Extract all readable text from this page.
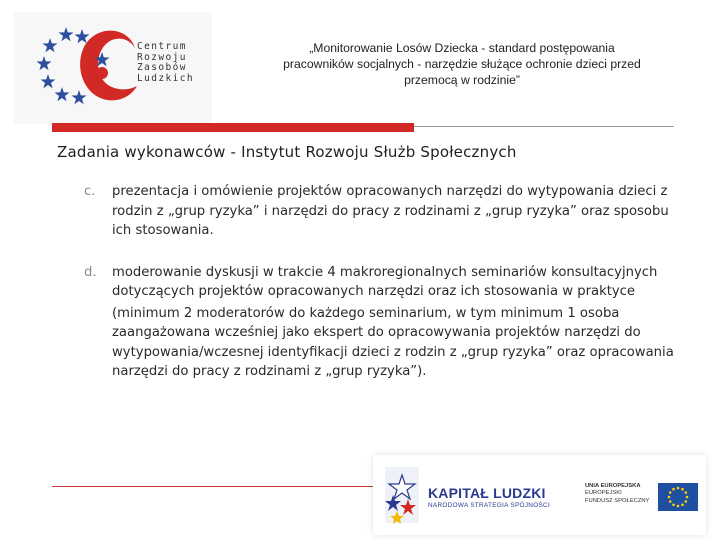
Centrum
Rozwoju
Zasobów
Ludzkich
„Monitorowanie Losów Dziecka - standard postępowania
pracowników socjalnych - narzędzie służące ochronie dzieci przed
przemocą w rodzinie”
Zadania wykonawców - Instytut Rozwoju Służb Społecznych
c. prezentacja i omówienie projektów opracowanych narzędzi do wytypowania dzieci z rodzin z „grup ryzyka” i narzędzi do pracy z rodzinami z „grup ryzyka” oraz sposobu ich stosowania.
d. moderowanie dyskusji w trakcie 4 makroregionalnych seminariów konsultacyjnych dotyczących projektów opracowanych narzędzi oraz ich stosowania w praktyce
(minimum 2 moderatorów do każdego seminarium, w tym minimum 1 osoba zaangażowana wcześniej jako ekspert do opracowywania projektów narzędzi do wytypowania/wczesnej identyfikacji dzieci z rodzin z „grup ryzyka” oraz opracowania narzędzi do pracy z rodzinami z „grup ryzyka”).
KAPITAŁ LUDZKI
NARODOWA STRATEGIA SPÓJNOŚCI
UNIA EUROPEJSKA
EUROPEJSKI
FUNDUSZ SPOŁECZNY
